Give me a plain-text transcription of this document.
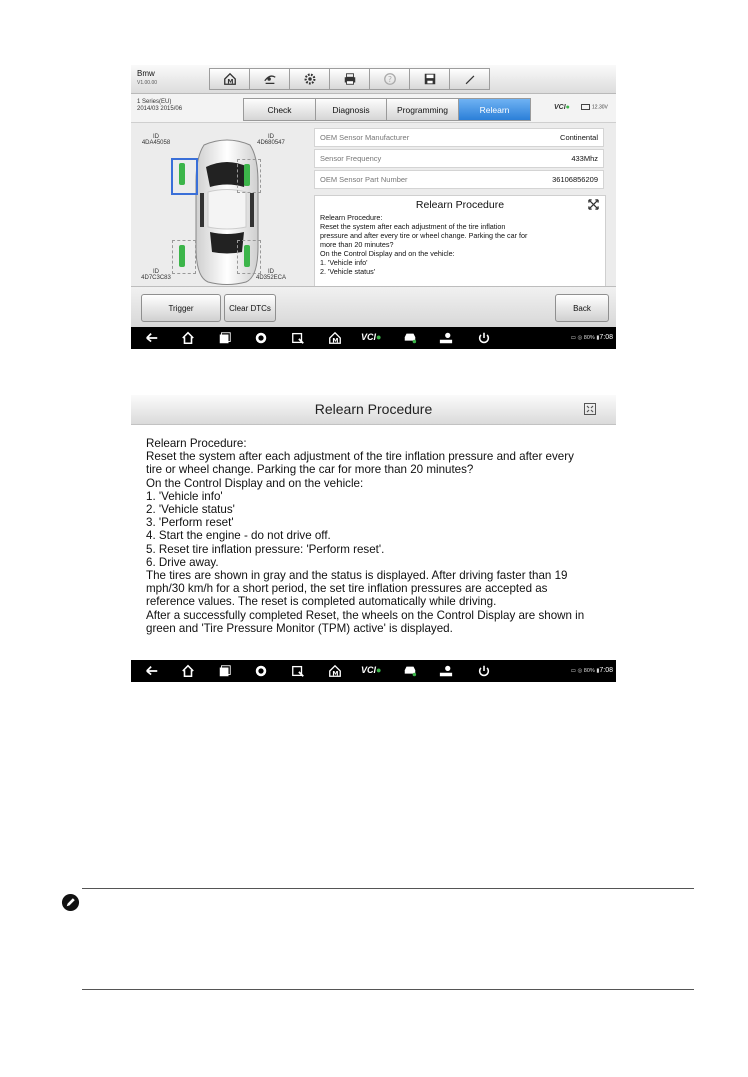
Bmw
V1.00.00	M	?
1 Series(EU)
2014/03 2015/06	Check	Diagnosis	Programming	Relearn	VCI●	12.30V
ID
4DA45058
ID
4D680547
ID
4D7C3C83
ID
4D352ECA
OEM Sensor Manufacturer	Continental
Sensor Frequency	433Mhz
OEM Sensor Part Number	36106856209
Relearn Procedure
Relearn Procedure:
Reset the system after each adjustment of the tire inflation
pressure and after every tire or wheel change. Parking the car for
more than 20 minutes?
On the Control Display and on the vehicle:
1. 'Vehicle info'
2. 'Vehicle status'
Trigger	Clear DTCs	Back
M	VCI●	▭ ◎ 80% ▮7:08
Relearn Procedure
Relearn Procedure:
Reset the system after each adjustment of the tire inflation pressure and after every
tire or wheel change. Parking the car for more than 20 minutes?
On the Control Display and on the vehicle:
1. 'Vehicle info'
2. 'Vehicle status'
3. 'Perform reset'
4. Start the engine - do not drive off.
5. Reset tire inflation pressure: 'Perform reset'.
6. Drive away.
The tires are shown in gray and the status is displayed. After driving faster than 19
mph/30 km/h for a short period, the set tire inflation pressures are accepted as
reference values. The reset is completed automatically while driving.
After a successfully completed Reset, the wheels on the Control Display are shown in
green and 'Tire Pressure Monitor (TPM) active' is displayed.
M	VCI●	▭ ◎ 80% ▮7:08
